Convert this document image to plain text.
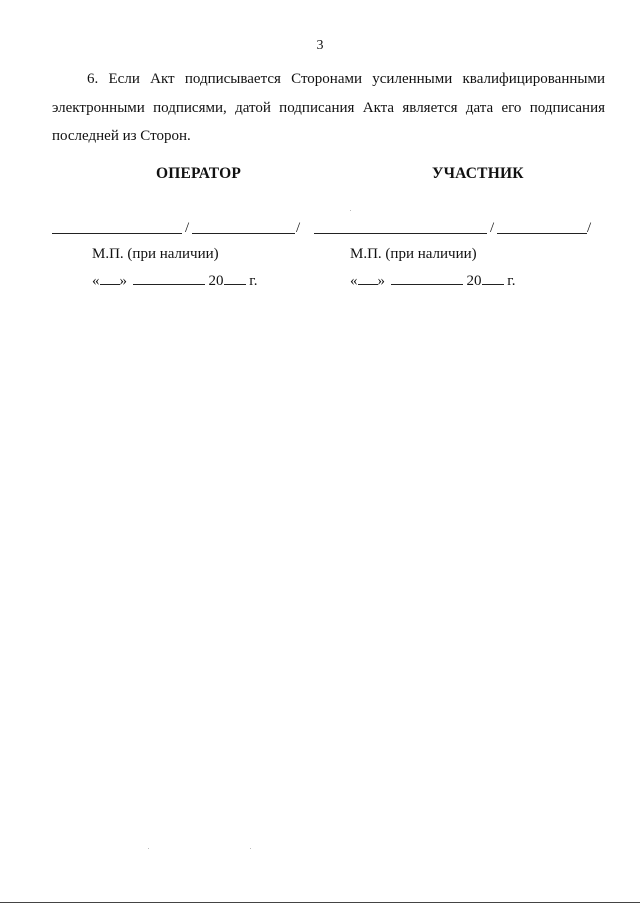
3

6. Если Акт подписывается Сторонами усиленными квалифицированными электронными подписями, датой подписания Акта является дата его подписания последней из Сторон.

ОПЕРАТОР
/	/
М.П. (при наличии)
« »	20 г.
УЧАСТНИК
/	/
М.П. (при наличии)
« »	20 г.
